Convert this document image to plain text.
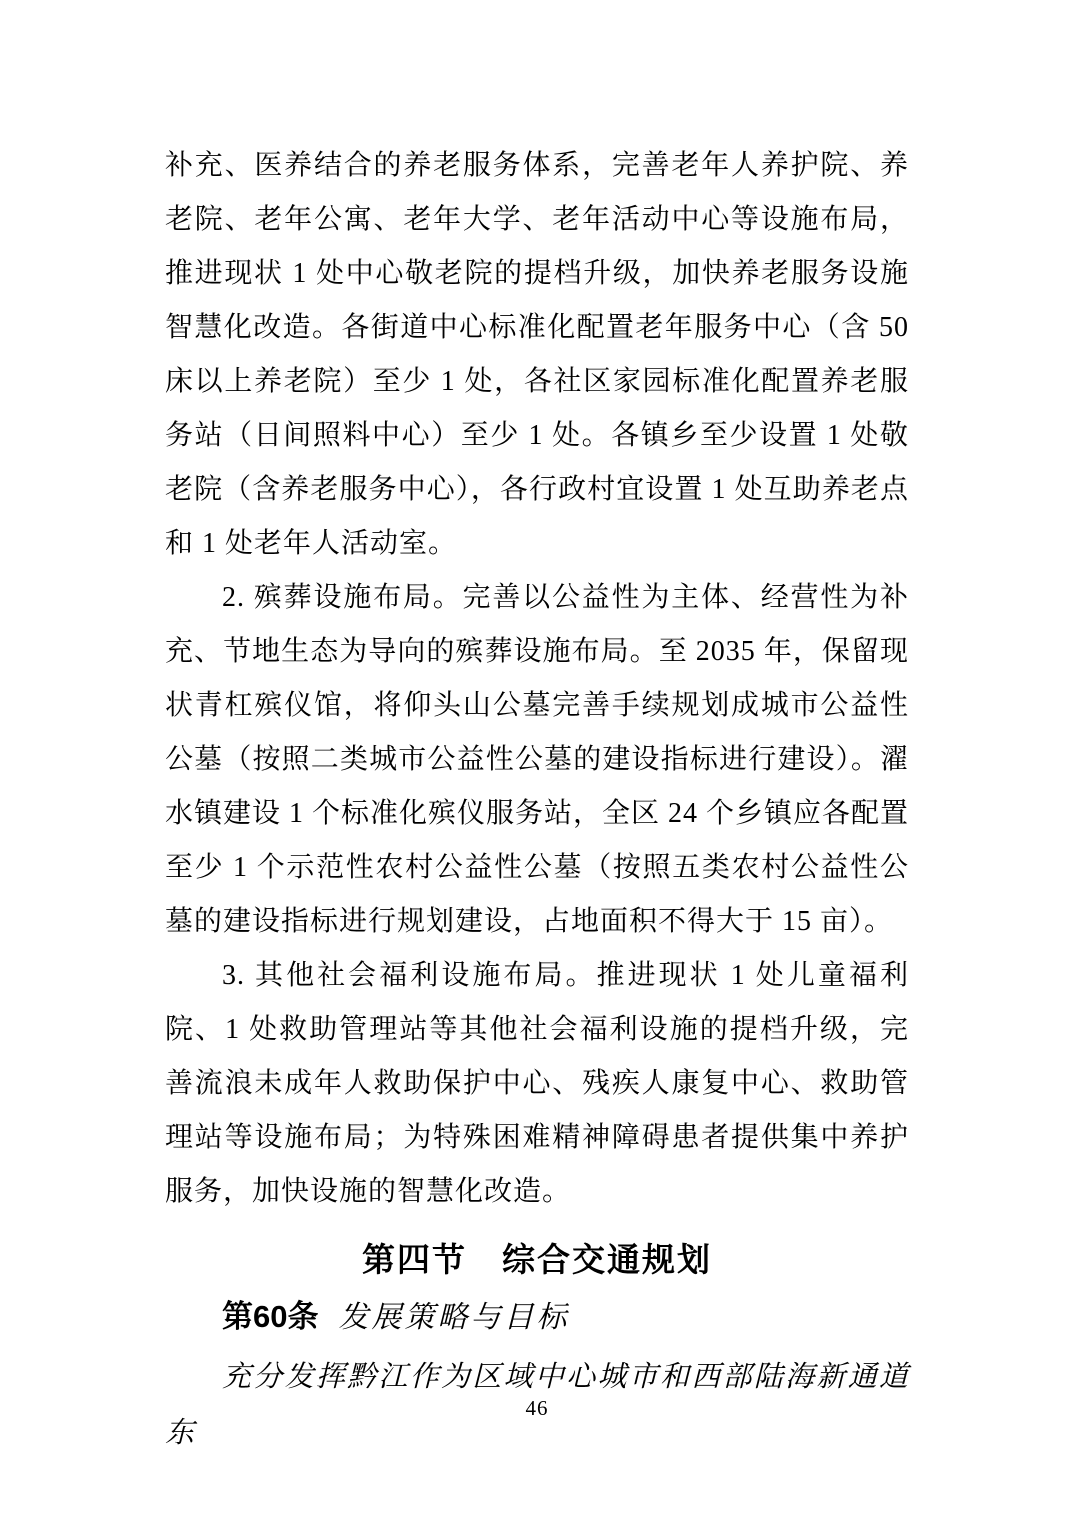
补充、医养结合的养老服务体系，完善老年人养护院、养老院、老年公寓、老年大学、老年活动中心等设施布局，推进现状 1 处中心敬老院的提档升级，加快养老服务设施智慧化改造。各街道中心标准化配置老年服务中心（含 50 床以上养老院）至少 1 处，各社区家园标准化配置养老服务站（日间照料中心）至少 1 处。各镇乡至少设置 1 处敬老院（含养老服务中心），各行政村宜设置 1 处互助养老点和 1 处老年人活动室。

2. 殡葬设施布局。完善以公益性为主体、经营性为补充、节地生态为导向的殡葬设施布局。至 2035 年，保留现状青杠殡仪馆，将仰头山公墓完善手续规划成城市公益性公墓（按照二类城市公益性公墓的建设指标进行建设）。濯水镇建设 1 个标准化殡仪服务站，全区 24 个乡镇应各配置至少 1 个示范性农村公益性公墓（按照五类农村公益性公墓的建设指标进行规划建设，占地面积不得大于 15 亩）。

3. 其他社会福利设施布局。推进现状 1 处儿童福利院、1 处救助管理站等其他社会福利设施的提档升级，完善流浪未成年人救助保护中心、残疾人康复中心、救助管理站等设施布局；为特殊困难精神障碍患者提供集中养护服务，加快设施的智慧化改造。

第四节　综合交通规划
第60条 发展策略与目标

充分发挥黔江作为区域中心城市和西部陆海新通道东

46
